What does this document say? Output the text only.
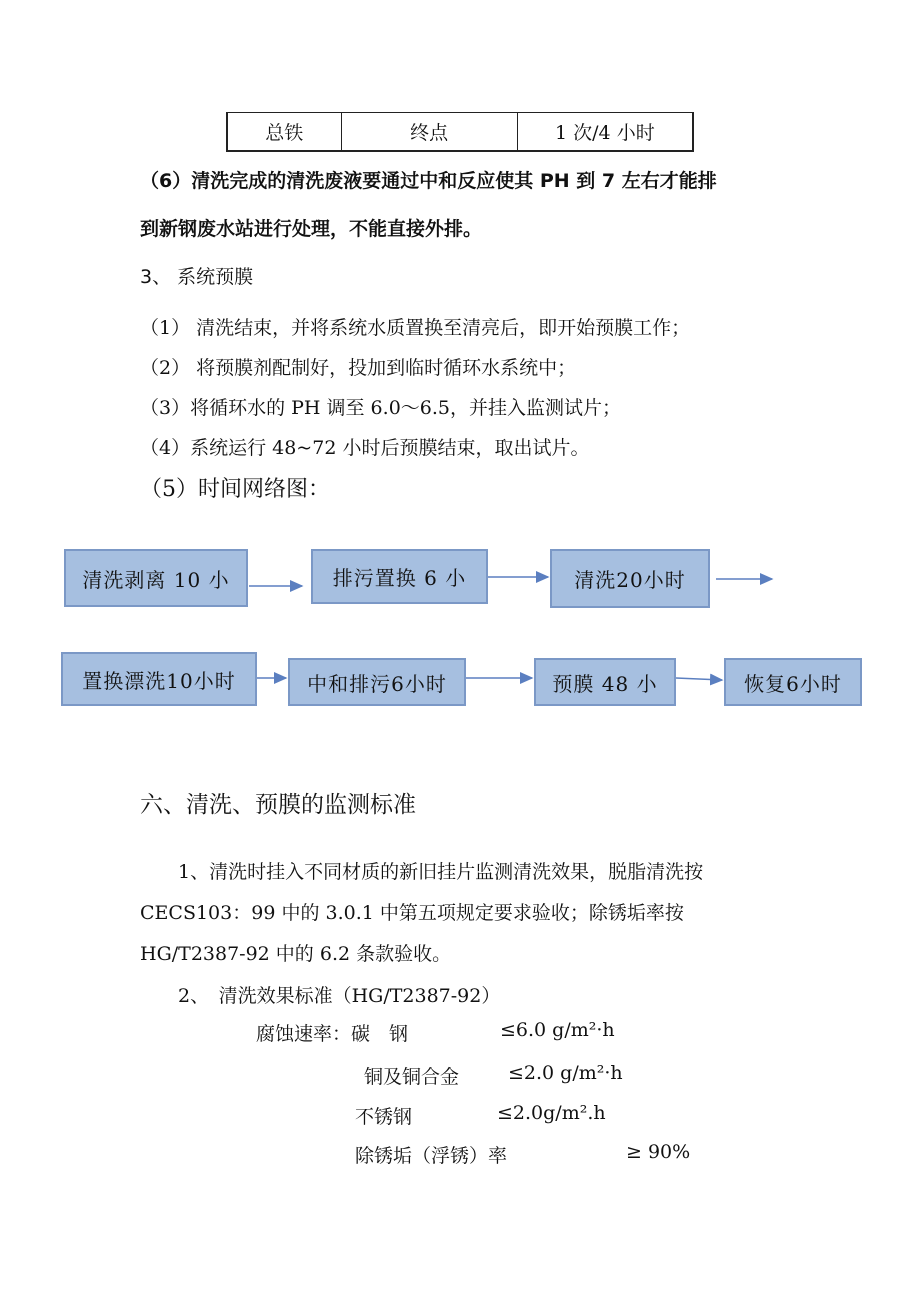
总铁	终点	1 次/4 小时
（6）清洗完成的清洗废液要通过中和反应使其 PH 到 7 左右才能排
到新钢废水站进行处理，不能直接外排。
3、 系统预膜
（1） 清洗结束，并将系统水质置换至清亮后，即开始预膜工作；
（2） 将预膜剂配制好，投加到临时循环水系统中；
（3）将循环水的 PH 调至 6.0～6.5，并挂入监测试片；
（4）系统运行 48~72 小时后预膜结束，取出试片。
（5）时间网络图：
清洗剥离 10 小	排污置换 6 小	清洗20小时
置换漂洗10小时	中和排污6小时	预膜 48 小	恢复6小时
六、清洗、预膜的监测标准
1、清洗时挂入不同材质的新旧挂片监测清洗效果，脱脂清洗按
CECS103：99 中的 3.0.1 中第五项规定要求验收；除锈垢率按
HG/T2387-92 中的 6.2 条款验收。
2、　清洗效果标准（HG/T2387-92）
腐蚀速率：碳　钢	≤6.0 g/m²·h
铜及铜合金	≤2.0 g/m²·h
不锈钢	≤2.0g/m².h
除锈垢（浮锈）率	≥ 90%
